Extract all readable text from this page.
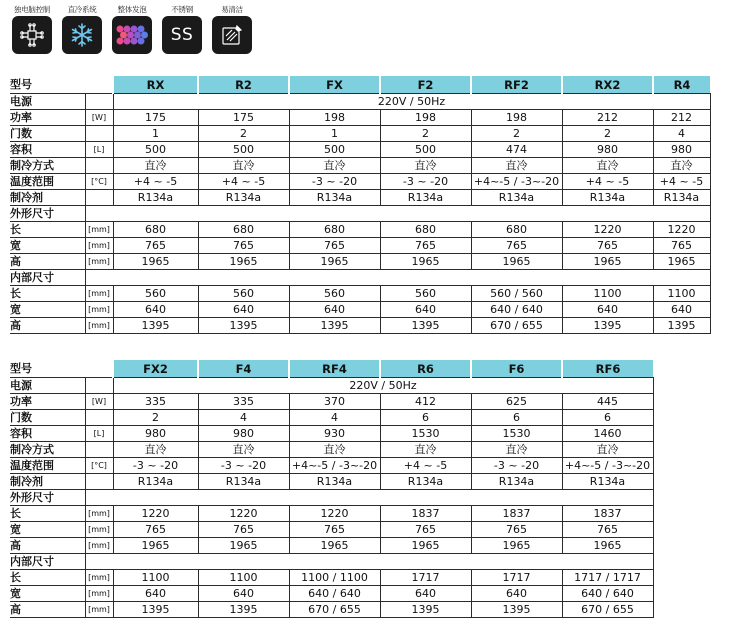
独电脑控制	直冷系统	整体发泡	不锈钢
SS
易清洁
型号		RX	R2	FX	F2	RF2	RX2	R4
电源		220V / 50Hz						
功率	[W]	175	175	198	198	198	212	212
门数		1	2	1	2	2	2	4
容积	[L]	500	500	500	500	474	980	980
制冷方式		直冷	直冷	直冷	直冷	直冷	直冷	直冷
温度范围	[°C]	+4 ~ -5	+4 ~ -5	-3 ~ -20	-3 ~ -20	+4~-5 / -3~-20	+4 ~ -5	+4 ~ -5
制冷剂		R134a	R134a	R134a	R134a	R134a	R134a	R134a
外形尺寸								
长	[mm]	680	680	680	680	680	1220	1220
宽	[mm]	765	765	765	765	765	765	765
高	[mm]	1965	1965	1965	1965	1965	1965	1965
内部尺寸								
长	[mm]	560	560	560	560	560 / 560	1100	1100
宽	[mm]	640	640	640	640	640 / 640	640	640
高	[mm]	1395	1395	1395	1395	670 / 655	1395	1395
型号		FX2	F4	RF4	R6	F6	RF6
电源		220V / 50Hz					
功率	[W]	335	335	370	412	625	445
门数		2	4	4	6	6	6
容积	[L]	980	980	930	1530	1530	1460
制冷方式		直冷	直冷	直冷	直冷	直冷	直冷
温度范围	[°C]	-3 ~ -20	-3 ~ -20	+4~-5 / -3~-20	+4 ~ -5	-3 ~ -20	+4~-5 / -3~-20
制冷剂		R134a	R134a	R134a	R134a	R134a	R134a
外形尺寸							
长	[mm]	1220	1220	1220	1837	1837	1837
宽	[mm]	765	765	765	765	765	765
高	[mm]	1965	1965	1965	1965	1965	1965
内部尺寸							
长	[mm]	1100	1100	1100 / 1100	1717	1717	1717 / 1717
宽	[mm]	640	640	640 / 640	640	640	640 / 640
高	[mm]	1395	1395	670 / 655	1395	1395	670 / 655
